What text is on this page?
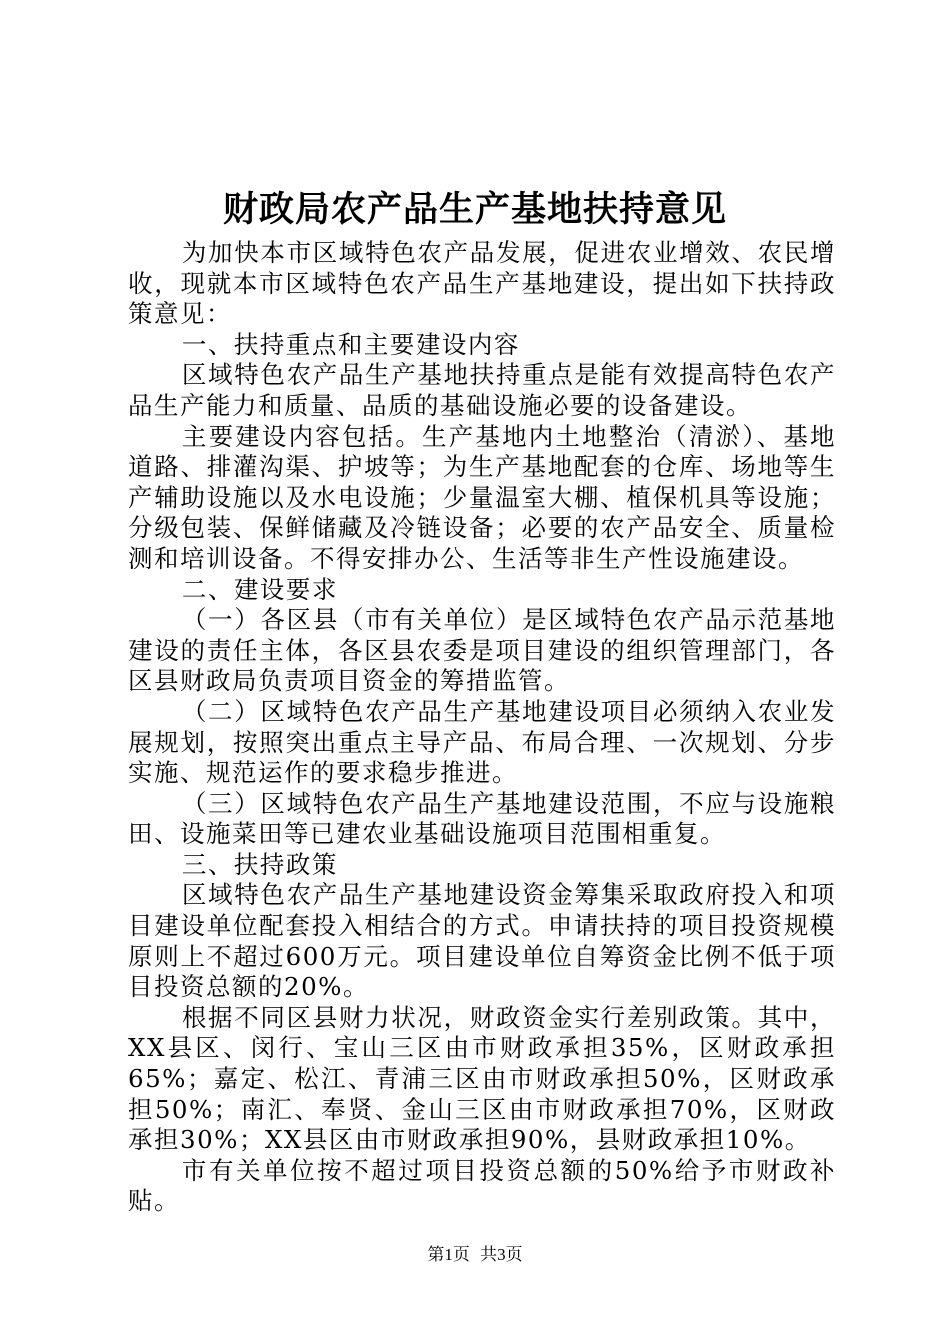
财政局农产品生产基地扶持意见

为加快本市区域特色农产品发展，促进农业增效、农民增收，现就本市区域特色农产品生产基地建设，提出如下扶持政策意见：

一、扶持重点和主要建设内容

区域特色农产品生产基地扶持重点是能有效提高特色农产品生产能力和质量、品质的基础设施必要的设备建设。

主要建设内容包括。生产基地内土地整治（清淤）、基地道路、排灌沟渠、护坡等；为生产基地配套的仓库、场地等生产辅助设施以及水电设施；少量温室大棚、植保机具等设施；分级包装、保鲜储藏及冷链设备；必要的农产品安全、质量检测和培训设备。不得安排办公、生活等非生产性设施建设。

二、建设要求

（一）各区县（市有关单位）是区域特色农产品示范基地建设的责任主体，各区县农委是项目建设的组织管理部门，各区县财政局负责项目资金的筹措监管。

（二）区域特色农产品生产基地建设项目必须纳入农业发展规划，按照突出重点主导产品、布局合理、一次规划、分步实施、规范运作的要求稳步推进。

（三）区域特色农产品生产基地建设范围，不应与设施粮田、设施菜田等已建农业基础设施项目范围相重复。

三、扶持政策

区域特色农产品生产基地建设资金筹集采取政府投入和项目建设单位配套投入相结合的方式。申请扶持的项目投资规模原则上不超过600万元。项目建设单位自筹资金比例不低于项目投资总额的20%。

根据不同区县财力状况，财政资金实行差别政策。其中，XX县区、闵行、宝山三区由市财政承担35%，区财政承担65%；嘉定、松江、青浦三区由市财政承担50%，区财政承担50%；南汇、奉贤、金山三区由市财政承担70%，区财政承担30%；XX县区由市财政承担90%，县财政承担10%。

市有关单位按不超过项目投资总额的50%给予市财政补贴。

第1页 共3页
